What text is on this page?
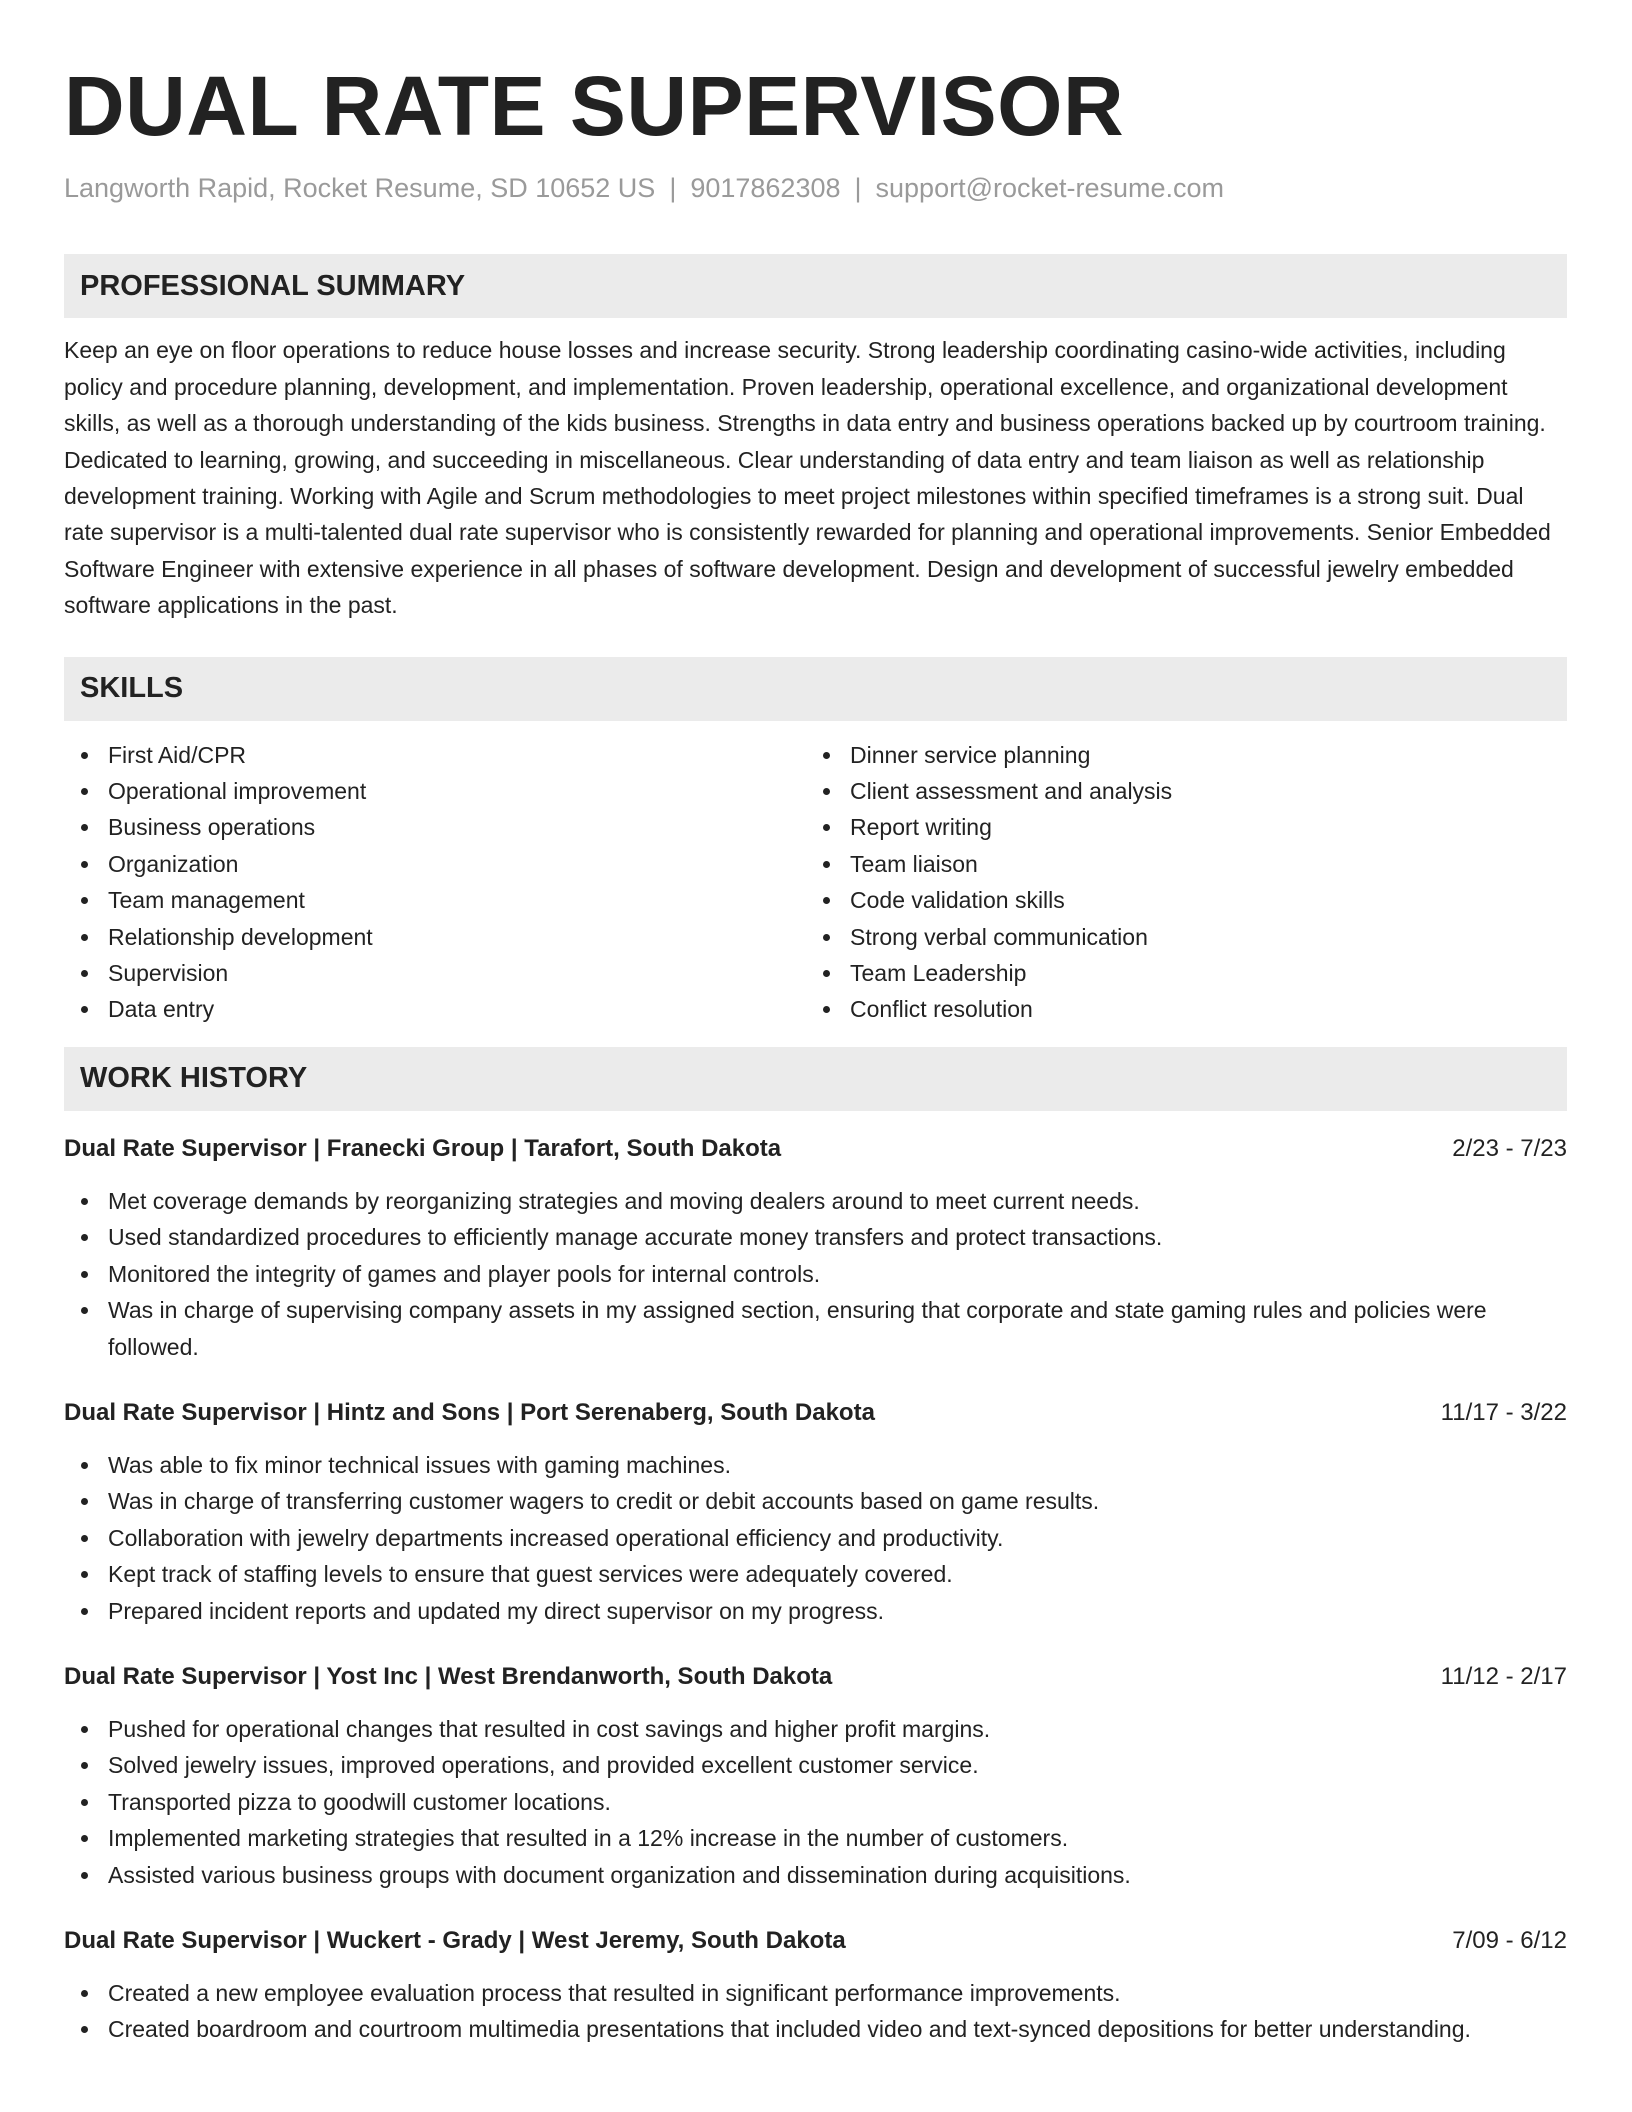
DUAL RATE SUPERVISOR
Langworth Rapid, Rocket Resume, SD 10652 US | 9017862308 | support@rocket-resume.com
PROFESSIONAL SUMMARY

Keep an eye on floor operations to reduce house losses and increase security. Strong leadership coordinating casino-wide activities, including policy and procedure planning, development, and implementation. Proven leadership, operational excellence, and organizational development skills, as well as a thorough understanding of the kids business. Strengths in data entry and business operations backed up by courtroom training. Dedicated to learning, growing, and succeeding in miscellaneous. Clear understanding of data entry and team liaison as well as relationship development training. Working with Agile and Scrum methodologies to meet project milestones within specified timeframes is a strong suit. Dual rate supervisor is a multi-talented dual rate supervisor who is consistently rewarded for planning and operational improvements. Senior Embedded Software Engineer with extensive experience in all phases of software development. Design and development of successful jewelry embedded software applications in the past.

SKILLS
First Aid/CPR
Operational improvement
Business operations
Organization
Team management
Relationship development
Supervision
Data entry
Dinner service planning
Client assessment and analysis
Report writing
Team liaison
Code validation skills
Strong verbal communication
Team Leadership
Conflict resolution
WORK HISTORY
Dual Rate Supervisor | Franecki Group | Tarafort, South Dakota	2/23 - 7/23
Met coverage demands by reorganizing strategies and moving dealers around to meet current needs.
Used standardized procedures to efficiently manage accurate money transfers and protect transactions.
Monitored the integrity of games and player pools for internal controls.
Was in charge of supervising company assets in my assigned section, ensuring that corporate and state gaming rules and policies were followed.
Dual Rate Supervisor | Hintz and Sons | Port Serenaberg, South Dakota	11/17 - 3/22
Was able to fix minor technical issues with gaming machines.
Was in charge of transferring customer wagers to credit or debit accounts based on game results.
Collaboration with jewelry departments increased operational efficiency and productivity.
Kept track of staffing levels to ensure that guest services were adequately covered.
Prepared incident reports and updated my direct supervisor on my progress.
Dual Rate Supervisor | Yost Inc | West Brendanworth, South Dakota	11/12 - 2/17
Pushed for operational changes that resulted in cost savings and higher profit margins.
Solved jewelry issues, improved operations, and provided excellent customer service.
Transported pizza to goodwill customer locations.
Implemented marketing strategies that resulted in a 12% increase in the number of customers.
Assisted various business groups with document organization and dissemination during acquisitions.
Dual Rate Supervisor | Wuckert - Grady | West Jeremy, South Dakota	7/09 - 6/12
Created a new employee evaluation process that resulted in significant performance improvements.
Created boardroom and courtroom multimedia presentations that included video and text-synced depositions for better understanding.
